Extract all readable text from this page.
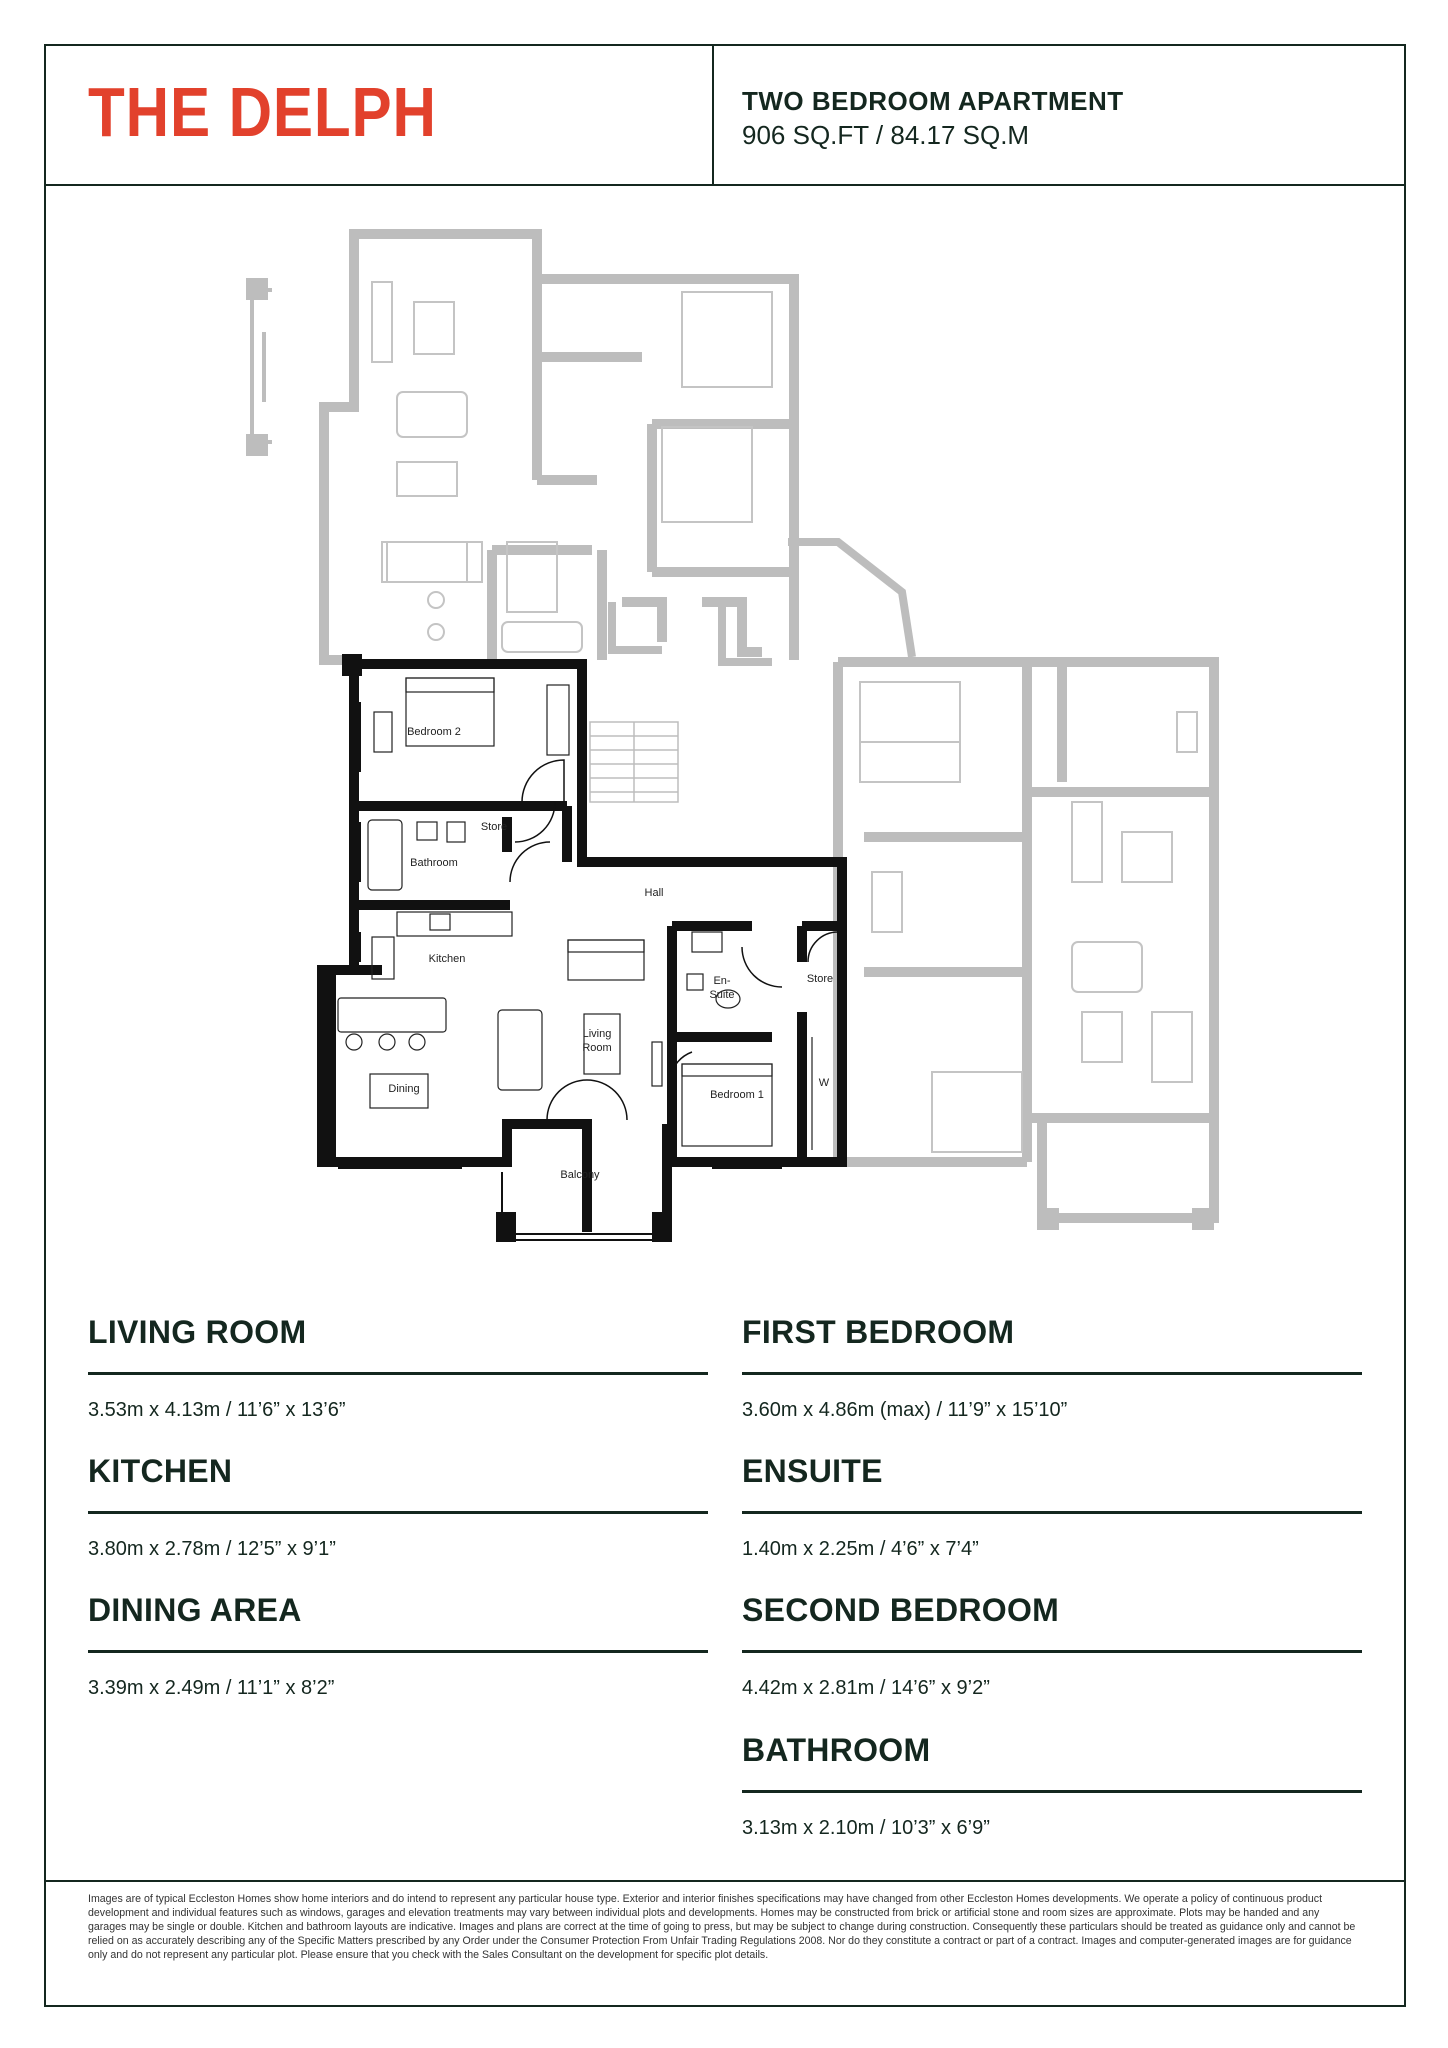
THE DELPH	TWO BEDROOM APARTMENT
906 SQ.FT / 84.17 SQ.M
Bedroom 2
Store
Bathroom
Hall
Kitchen
Living
Room
En-
Suite
Store
Dining	Bedroom 1
W
Balcony
LIVING ROOM
3.53m x 4.13m / 11’6” x 13’6”
KITCHEN
3.80m x 2.78m / 12’5” x 9’1”
DINING AREA
3.39m x 2.49m / 11’1” x 8’2”
FIRST BEDROOM
3.60m x 4.86m (max) / 11’9” x 15’10”
ENSUITE
1.40m x 2.25m / 4’6” x 7’4”
SECOND BEDROOM
4.42m x 2.81m / 14’6” x 9’2”
BATHROOM
3.13m x 2.10m / 10’3” x 6’9”
Images are of typical Eccleston Homes show home interiors and do intend to represent any particular house type. Exterior and interior finishes specifications may have changed from other Eccleston Homes developments. We operate a policy of continuous product development and individual features such as windows, garages and elevation treatments may vary between individual plots and developments. Homes may be constructed from brick or artificial stone and room sizes are approximate. Plots may be handed and any garages may be single or double. Kitchen and bathroom layouts are indicative. Images and plans are correct at the time of going to press, but may be subject to change during construction. Consequently these particulars should be treated as guidance only and cannot be relied on as accurately describing any of the Specific Matters prescribed by any Order under the Consumer Protection From Unfair Trading Regulations 2008. Nor do they constitute a contract or part of a contract. Images and computer-generated images are for guidance only and do not represent any particular plot. Please ensure that you check with the Sales Consultant on the development for specific plot details.
